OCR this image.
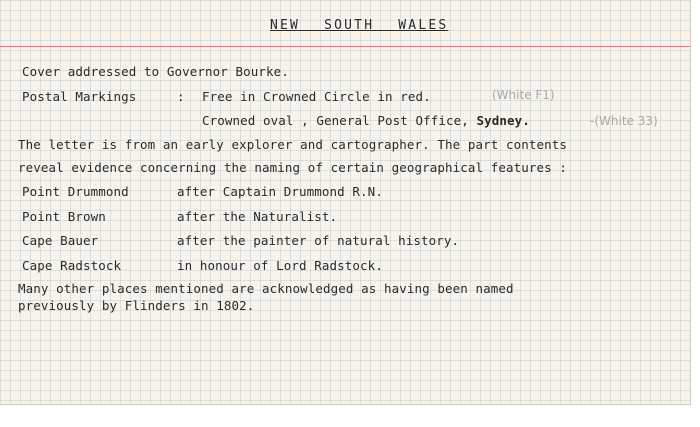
NEW SOUTH WALES
Cover addressed to Governor Bourke.
Postal Markings	: Free in Crowned Circle in red.	(White F1)
Crowned oval , General Post Office, Sydney.	-(White 33)
The letter is from an early explorer and cartographer. The part contents
reveal evidence concerning the naming of certain geographical features :
Point Drummond	after Captain Drummond R.N.
Point Brown	after the Naturalist.
Cape Bauer	after the painter of natural history.
Cape Radstock	in honour of Lord Radstock.
Many other places mentioned are acknowledged as having been named
previously by Flinders in 1802.
